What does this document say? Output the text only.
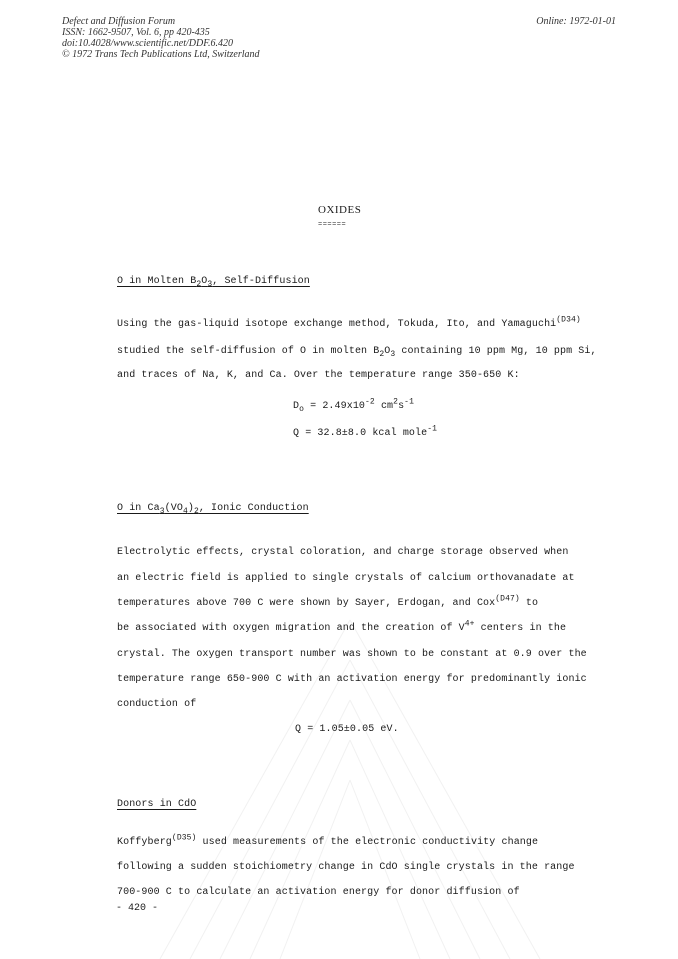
Defect and Diffusion Forum
ISSN: 1662-9507, Vol. 6, pp 420-435
doi:10.4028/www.scientific.net/DDF.6.420
© 1972 Trans Tech Publications Ltd, Switzerland
Online: 1972-01-01
OXIDES
======
O in Molten $B_2O_3$, Self-Diffusion
Using the gas-liquid isotope exchange method, Tokuda, Ito, and Yamaguchi$^{(D34)}$
studied the self-diffusion of O in molten $B_2O_3$ containing 10 ppm Mg, 10 ppm Si,
and traces of Na, K, and Ca. Over the temperature range 350-650 K:
$D_o = 2.49x10^{-2}$ $cm^2s^{-1}$
Q = 32.8±8.0 kcal mole$^{-1}$
O in $Ca_3(VO_4)_2$, Ionic Conduction
Electrolytic effects, crystal coloration, and charge storage observed when
an electric field is applied to single crystals of calcium orthovanadate at
temperatures above 700 C were shown by Sayer, Erdogan, and Cox$^{(D47)}$ to
be associated with oxygen migration and the creation of $V^{4+}$ centers in the
crystal. The oxygen transport number was shown to be constant at 0.9 over the
temperature range 650-900 C with an activation energy for predominantly ionic
conduction of
Q = 1.05±0.05 eV.
Donors in CdO
Koffyberg$^{(D35)}$ used measurements of the electronic conductivity change
following a sudden stoichiometry change in CdO single crystals in the range
700-900 C to calculate an activation energy for donor diffusion of
- 420 -
